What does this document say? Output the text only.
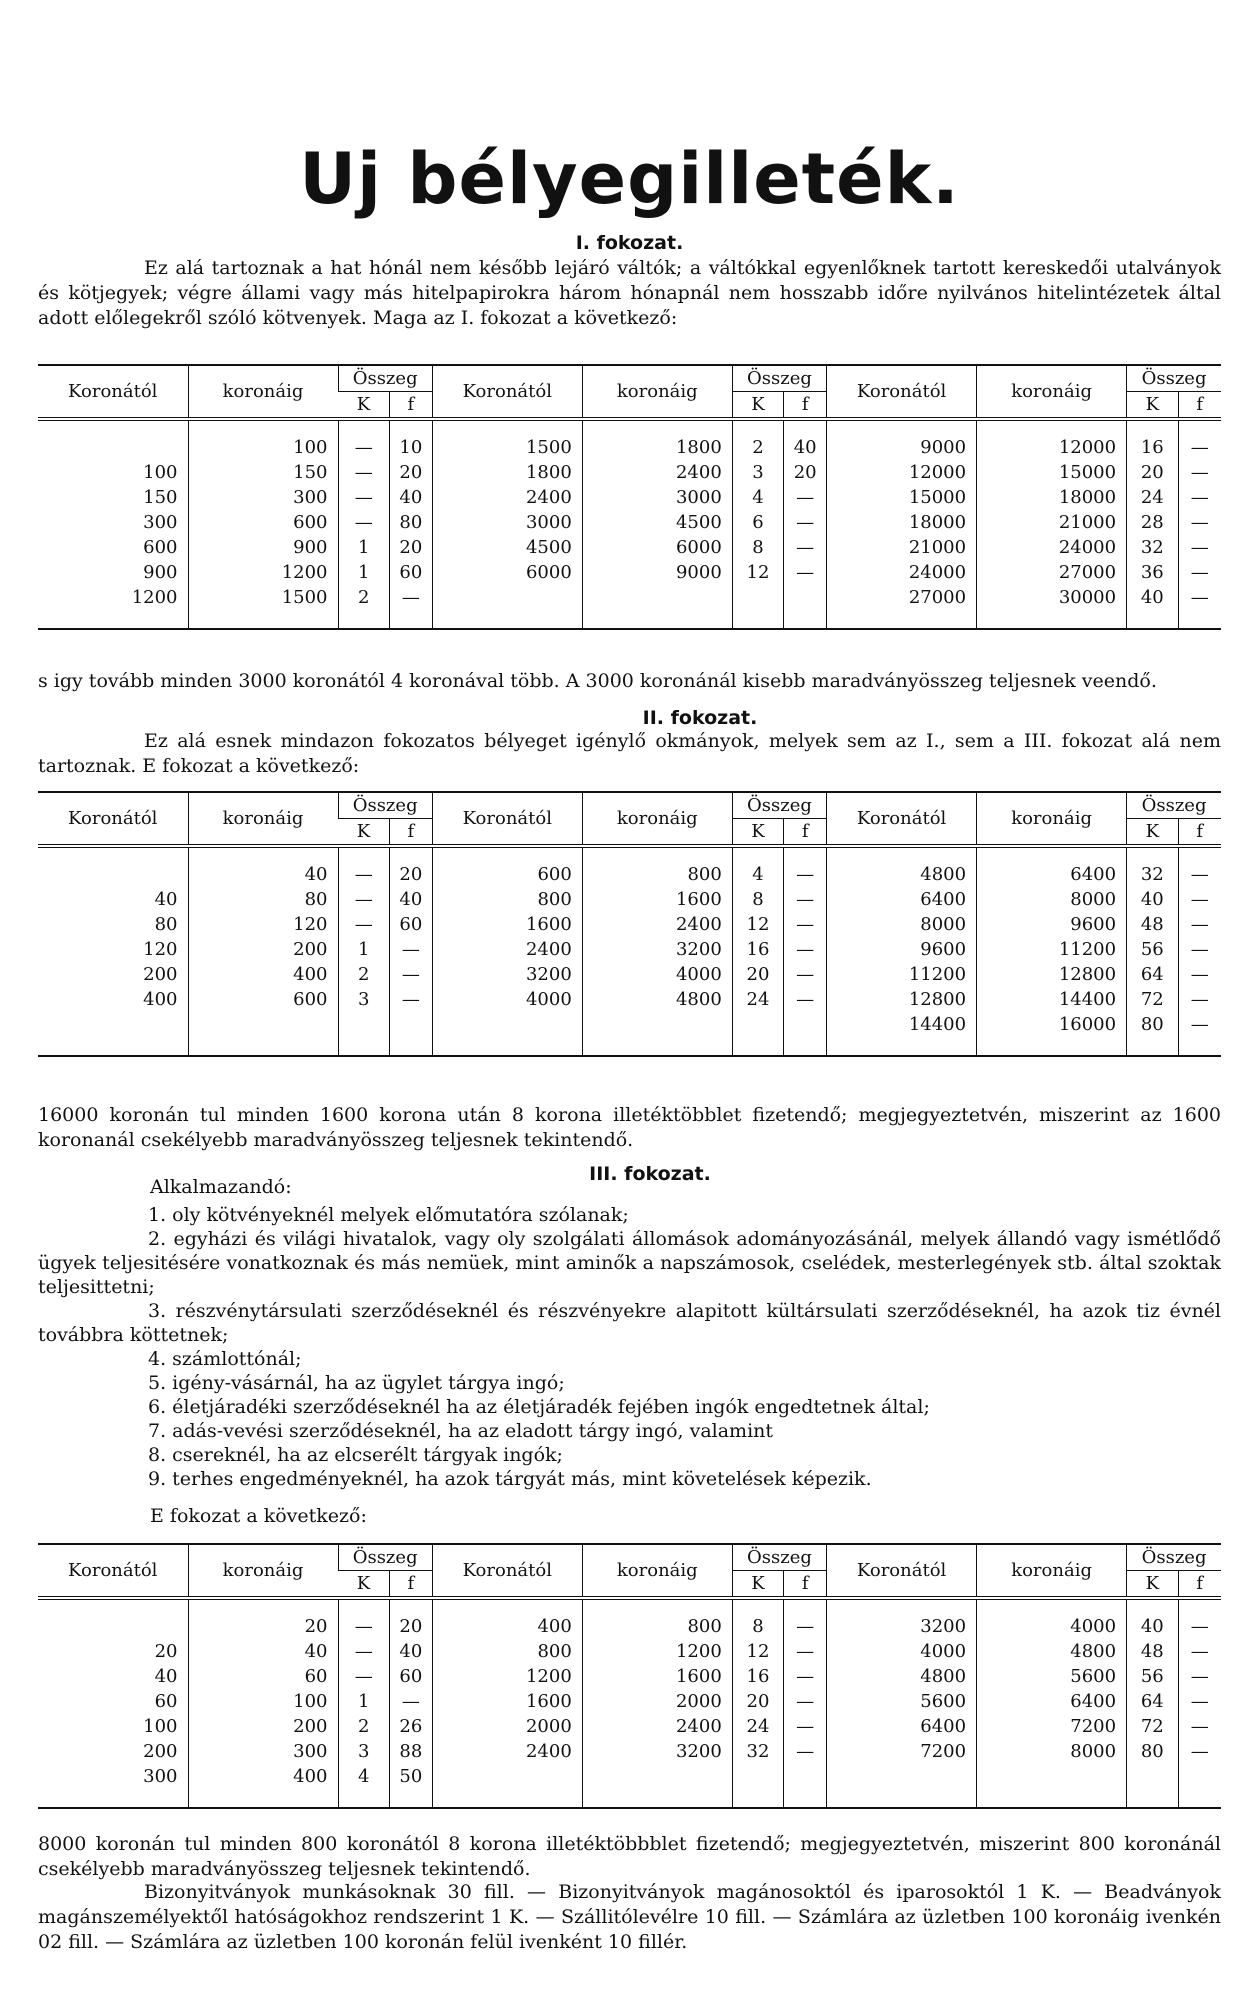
Uj bélyegilleték.
I. fokozat.

Ez alá tartoznak a hat hónál nem később lejáró váltók; a váltókkal egyenlőknek tartott kereskedői utalványok és kötjegyek; végre állami vagy más hitelpapirokra három hónapnál nem hosszabb időre nyilvános hitelintézetek által adott előlegekről szóló kötvenyek. Maga az I. fokozat a következő:

Koronától	koronáig	Összeg		Koronától	koronáig	Összeg		Koronától	koronáig	Összeg	
		K	f			K	f			K	f

	100	—	10	1500	1800	2	40	9000	12000	16	—
100	150	—	20	1800	2400	3	20	12000	15000	20	—
150	300	—	40	2400	3000	4	—	15000	18000	24	—
300	600	—	80	3000	4500	6	—	18000	21000	28	—
600	900	1	20	4500	6000	8	—	21000	24000	32	—
900	1200	1	60	6000	9000	12	—	24000	27000	36	—
1200	1500	2	—					27000	30000	40	—

s igy tovább minden 3000 koronától 4 koronával több. A 3000 koronánál kisebb maradványösszeg teljesnek veendő.

II. fokozat.

Ez alá esnek mindazon fokozatos bélyeget igénylő okmányok, melyek sem az I., sem a III. fokozat alá nem tartoznak. E fokozat a következő:

Koronától	koronáig	Összeg		Koronától	koronáig	Összeg		Koronától	koronáig	Összeg	
		K	f			K	f			K	f

	40	—	20	600	800	4	—	4800	6400	32	—
40	80	—	40	800	1600	8	—	6400	8000	40	—
80	120	—	60	1600	2400	12	—	8000	9600	48	—
120	200	1	—	2400	3200	16	—	9600	11200	56	—
200	400	2	—	3200	4000	20	—	11200	12800	64	—
400	600	3	—	4000	4800	24	—	12800	14400	72	—
								14400	16000	80	—

16000 koronán tul minden 1600 korona után 8 korona illetéktöbblet fizetendő; megjegyeztetvén, miszerint az 1600 koronanál csekélyebb maradványösszeg teljesnek tekintendő.

III. fokozat.
Alkalmazandó:
1. oly kötvényeknél melyek előmutatóra szólanak;
2. egyházi és világi hivatalok, vagy oly szolgálati állomások adományozásánál, melyek állandó vagy ismétlődő ügyek teljesitésére vonatkoznak és más nemüek, mint aminők a napszámosok, cselédek, mesterlegények stb. által szoktak teljesittetni;
3. részvénytársulati szerződéseknél és részvényekre alapitott kültársulati szerződéseknél, ha azok tiz évnél továbbra köttetnek;
4. számlottónál;
5. igény-vásárnál, ha az ügylet tárgya ingó;
6. életjáradéki szerződéseknél ha az életjáradék fejében ingók engedtetnek által;
7. adás-vevési szerződéseknél, ha az eladott tárgy ingó, valamint
8. csereknél, ha az elcserélt tárgyak ingók;
9. terhes engedményeknél, ha azok tárgyát más, mint követelések képezik.
E fokozat a következő:
Koronától	koronáig	Összeg		Koronától	koronáig	Összeg		Koronától	koronáig	Összeg	
		K	f			K	f			K	f

	20	—	20	400	800	8	—	3200	4000	40	—
20	40	—	40	800	1200	12	—	4000	4800	48	—
40	60	—	60	1200	1600	16	—	4800	5600	56	—
60	100	1	—	1600	2000	20	—	5600	6400	64	—
100	200	2	26	2000	2400	24	—	6400	7200	72	—
200	300	3	88	2400	3200	32	—	7200	8000	80	—
300	400	4	50								

8000 koronán tul minden 800 koronától 8 korona illetéktöbbblet fizetendő; megjegyeztetvén, miszerint 800 koronánál csekélyebb maradványösszeg teljesnek tekintendő.

Bizonyitványok munkásoknak 30 fill. — Bizonyitványok magánosoktól és iparosoktól 1 K. — Beadványok magánszemélyektől hatóságokhoz rendszerint 1 K. — Szállitólevélre 10 fill. — Számlára az üzletben 100 koronáig ivenkén 02 fill. — Számlára az üzletben 100 koronán felül ivenként 10 fillér.
